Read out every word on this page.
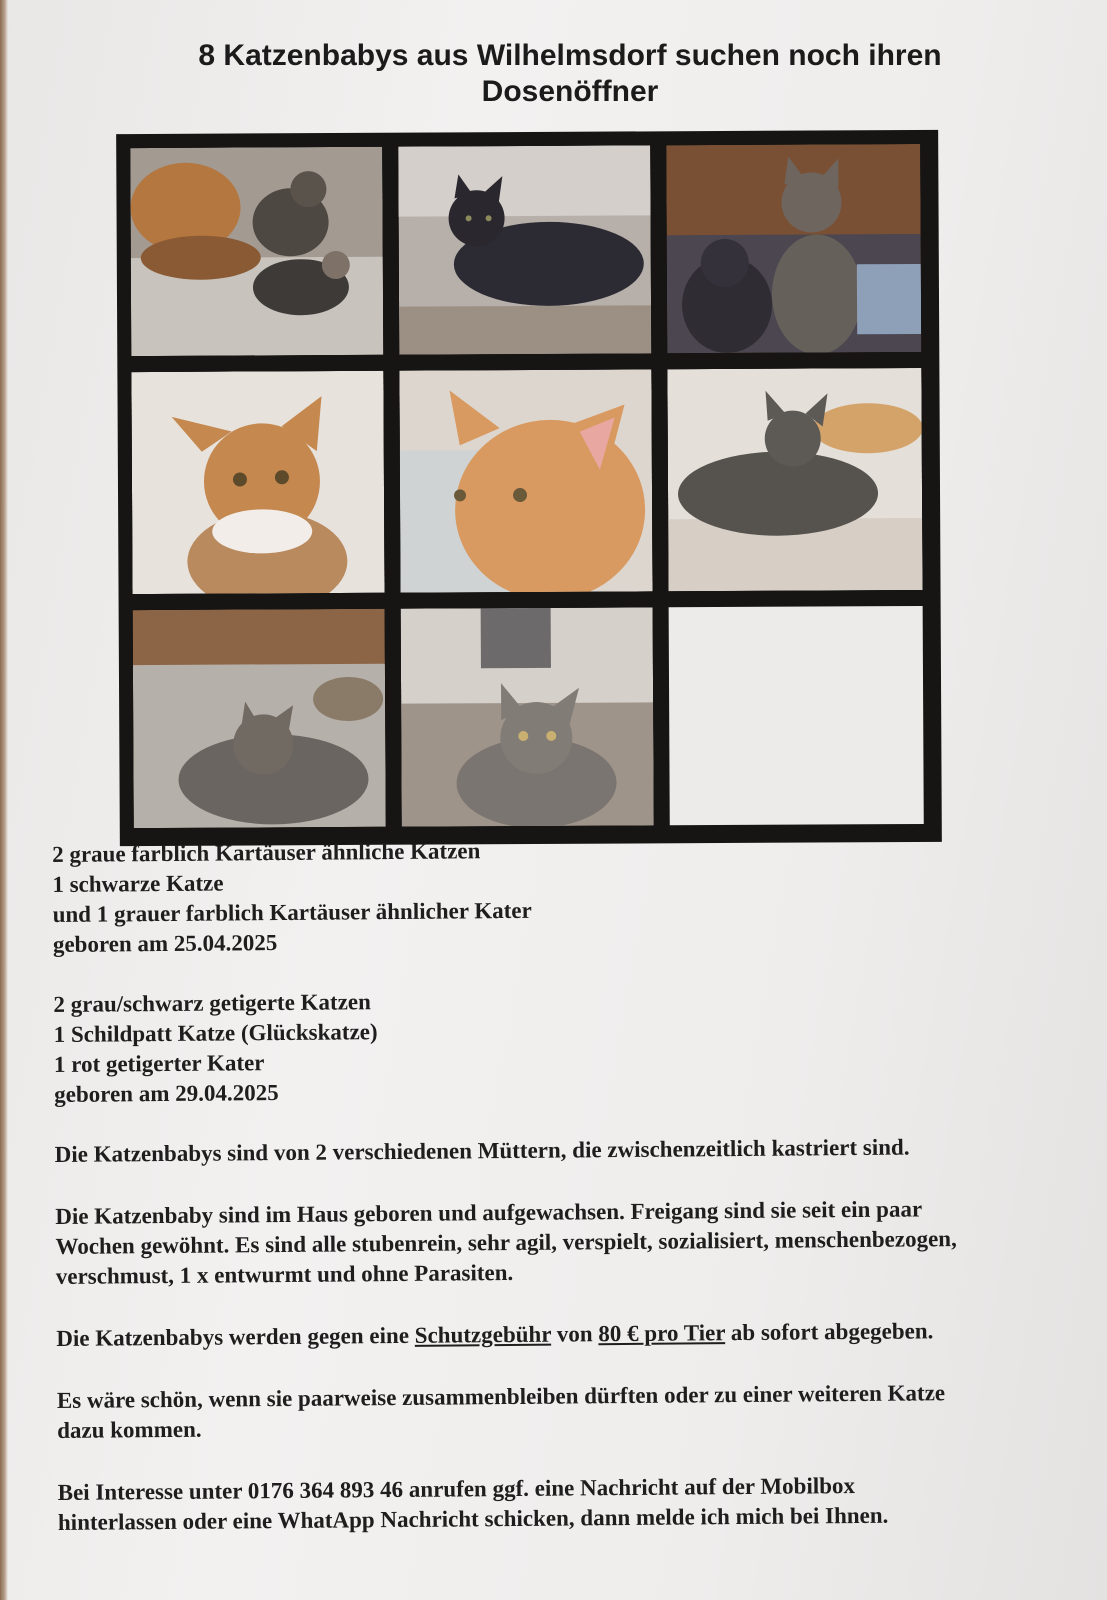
8 Katzenbabys aus Wilhelmsdorf suchen noch ihren
Dosenöffner

2 graue farblich Kartäuser ähnliche Katzen

1 schwarze Katze

und 1 grauer farblich Kartäuser ähnlicher Kater

geboren am 25.04.2025

2 grau/schwarz getigerte Katzen

1 Schildpatt Katze (Glückskatze)

1 rot getigerter Kater

geboren am 29.04.2025

Die Katzenbabys sind von 2 verschiedenen Müttern, die zwischenzeitlich kastriert sind.

Die Katzenbaby sind im Haus geboren und aufgewachsen. Freigang sind sie seit ein paar

Wochen gewöhnt. Es sind alle stubenrein, sehr agil, verspielt, sozialisiert, menschenbezogen,

verschmust, 1 x entwurmt und ohne Parasiten.

Die Katzenbabys werden gegen eine Schutzgebühr von 80 € pro Tier ab sofort abgegeben.

Es wäre schön, wenn sie paarweise zusammenbleiben dürften oder zu einer weiteren Katze

dazu kommen.

Bei Interesse unter 0176 364 893 46 anrufen ggf. eine Nachricht auf der Mobilbox

hinterlassen oder eine WhatApp Nachricht schicken, dann melde ich mich bei Ihnen.
